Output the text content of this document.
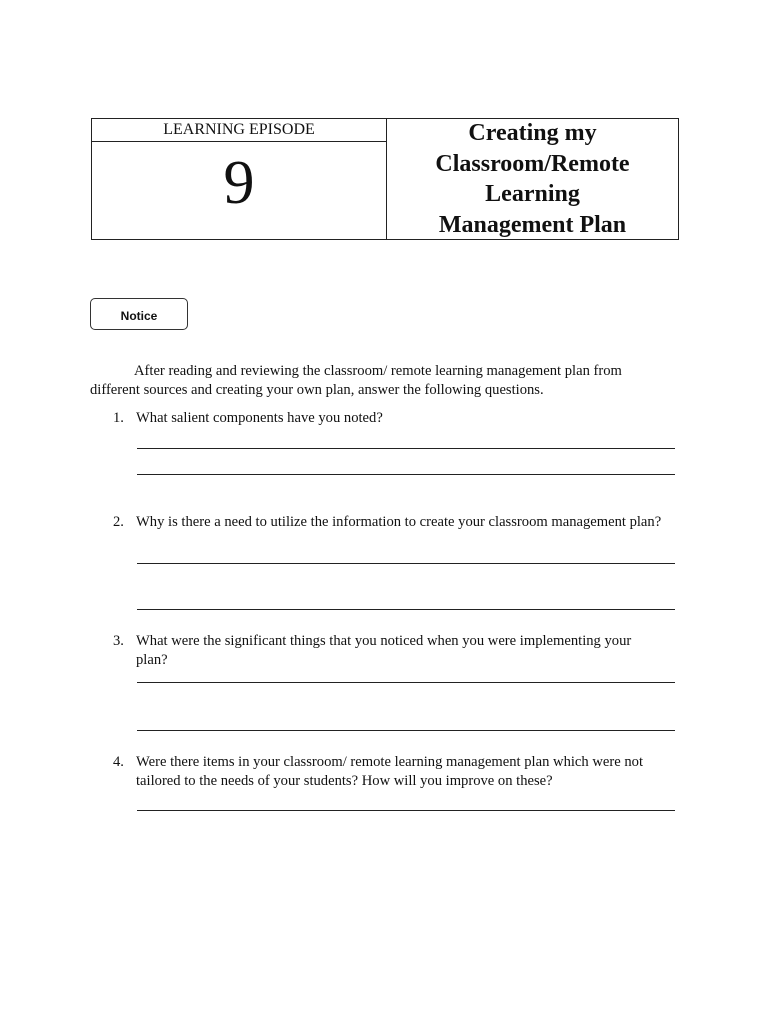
LEARNING EPISODE
9
Creating my Classroom/Remote Learning Management Plan
Notice

After reading and reviewing the classroom/ remote learning management plan from different sources and creating your own plan, answer the following questions.

1. What salient components have you noted?
2. Why is there a need to utilize the information to create your classroom management plan?
3. What were the significant things that you noticed when you were implementing your plan?
4. Were there items in your classroom/ remote learning management plan which were not tailored to the needs of your students? How will you improve on these?
